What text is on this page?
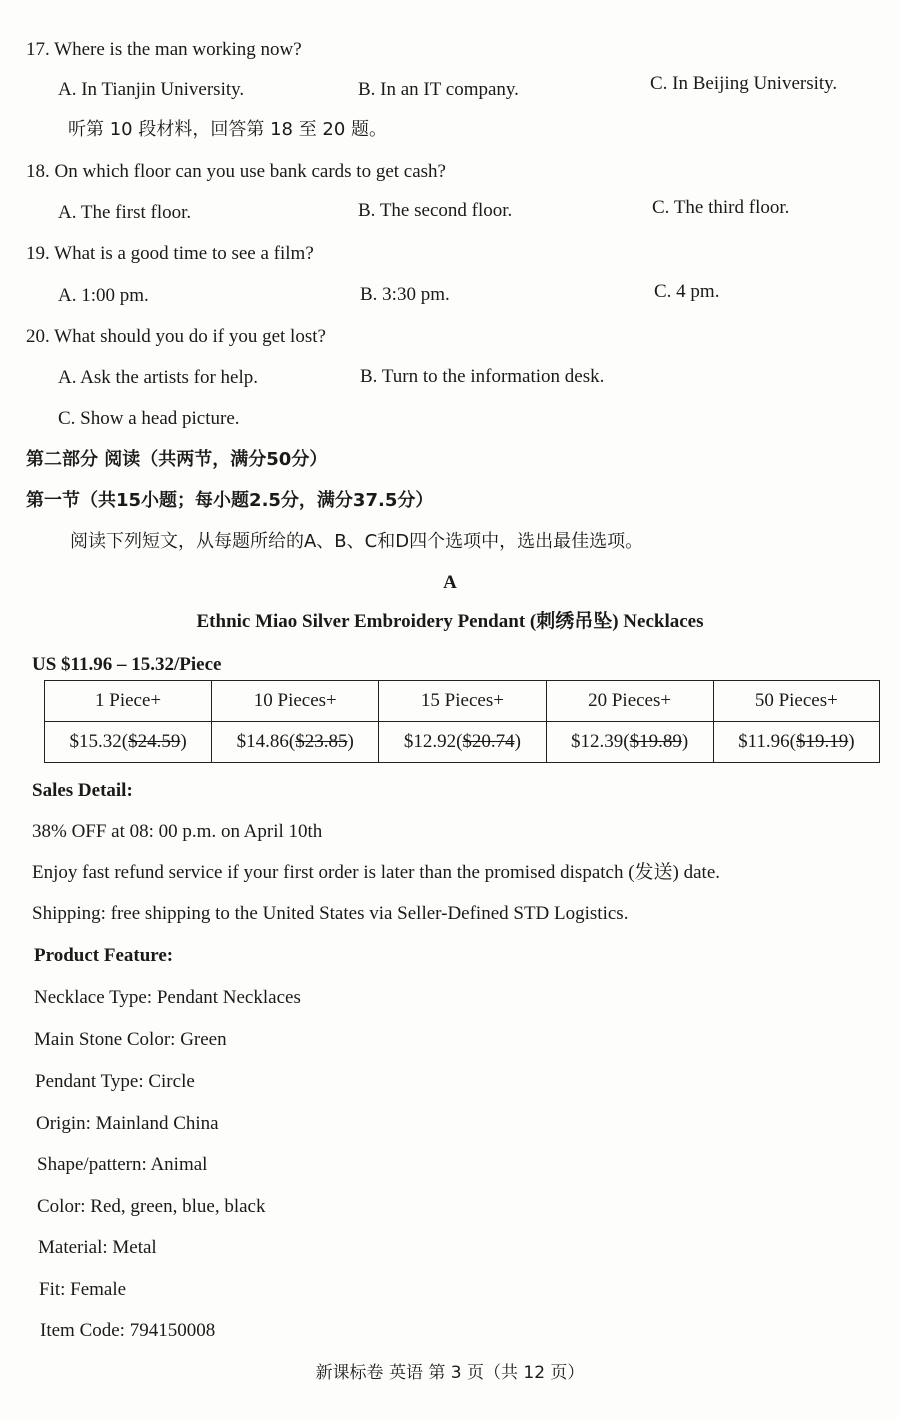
17. Where is the man working now?
A. In Tianjin University.	B. In an IT company.	C. In Beijing University.
听第 10 段材料，回答第 18 至 20 题。
18. On which floor can you use bank cards to get cash?
A. The first floor.	B. The second floor.	C. The third floor.
19. What is a good time to see a film?
A. 1:00 pm.	B. 3:30 pm.	C. 4 pm.
20. What should you do if you get lost?
A. Ask the artists for help.	B. Turn to the information desk.
C. Show a head picture.
第二部分 阅读（共两节，满分50分）
第一节（共15小题；每小题2.5分，满分37.5分）
阅读下列短文，从每题所给的A、B、C和D四个选项中，选出最佳选项。
A
Ethnic Miao Silver Embroidery Pendant (刺绣吊坠) Necklaces
US $11.96 – 15.32/Piece
1 Piece+	10 Pieces+	15 Pieces+	20 Pieces+	50 Pieces+
$15.32($24.59)	$14.86($23.85)	$12.92($20.74)	$12.39($19.89)	$11.96($19.19)
Sales Detail:
38% OFF at 08: 00 p.m. on April 10th
Enjoy fast refund service if your first order is later than the promised dispatch (发送) date.
Shipping: free shipping to the United States via Seller-Defined STD Logistics.
Product Feature:
Necklace Type: Pendant Necklaces
Main Stone Color: Green
Pendant Type: Circle
Origin: Mainland China
Shape/pattern: Animal
Color: Red, green, blue, black
Material: Metal
Fit: Female
Item Code: 794150008
新课标卷 英语 第 3 页（共 12 页）
